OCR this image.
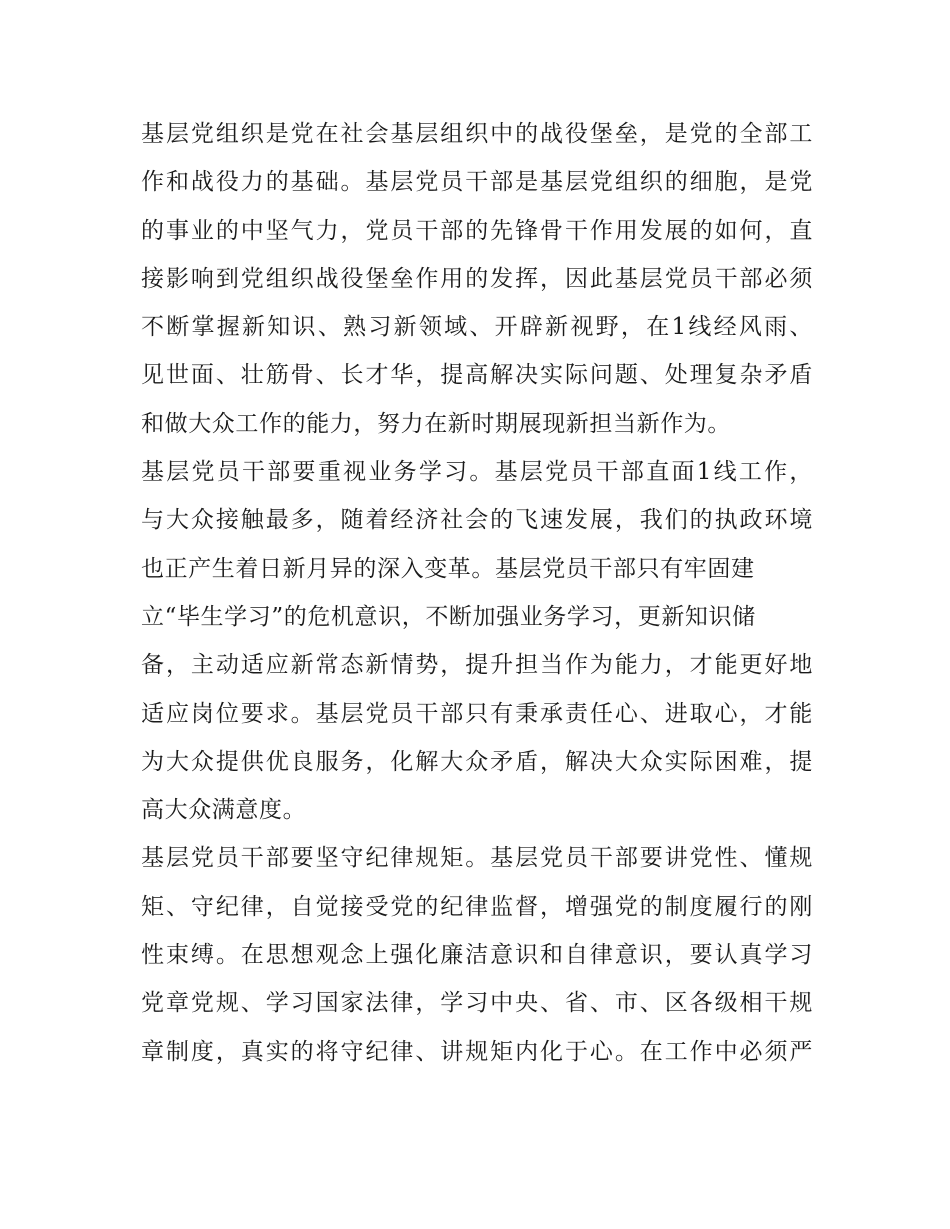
基层党组织是党在社会基层组织中的战役堡垒，是党的全部工
作和战役力的基础。基层党员干部是基层党组织的细胞，是党
的事业的中坚气力，党员干部的先锋骨干作用发展的如何，直
接影响到党组织战役堡垒作用的发挥，因此基层党员干部必须
不断掌握新知识、熟习新领域、开辟新视野，在1线经风雨、
见世面、壮筋骨、长才华，提高解决实际问题、处理复杂矛盾
和做大众工作的能力，努力在新时期展现新担当新作为。
基层党员干部要重视业务学习。基层党员干部直面1线工作，
与大众接触最多，随着经济社会的飞速发展，我们的执政环境
也正产生着日新月异的深入变革。基层党员干部只有牢固建
立“毕生学习”的危机意识，不断加强业务学习，更新知识储
备，主动适应新常态新情势，提升担当作为能力，才能更好地
适应岗位要求。基层党员干部只有秉承责任心、进取心，才能
为大众提供优良服务，化解大众矛盾，解决大众实际困难，提
高大众满意度。
基层党员干部要坚守纪律规矩。基层党员干部要讲党性、懂规
矩、守纪律，自觉接受党的纪律监督，增强党的制度履行的刚
性束缚。在思想观念上强化廉洁意识和自律意识，要认真学习
党章党规、学习国家法律，学习中央、省、市、区各级相干规
章制度，真实的将守纪律、讲规矩内化于心。在工作中必须严
